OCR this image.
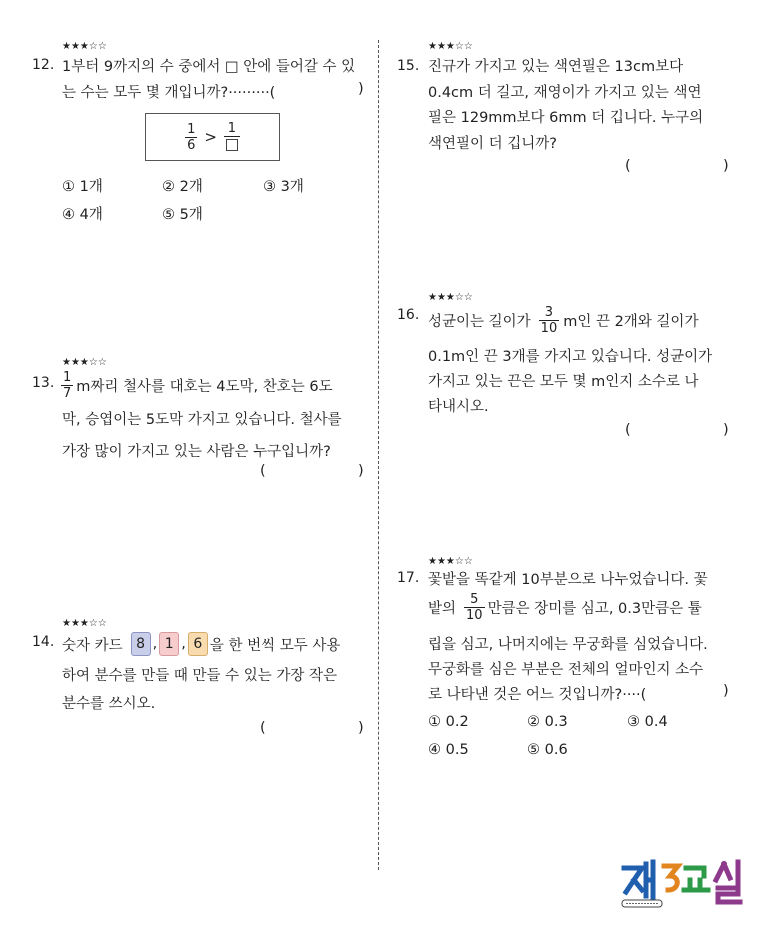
★★★☆☆
12. 1부터 9까지의 수 중에서 □ 안에 들어갈 수 있
는 수는 모두 몇 개입니까?·········(	)
$\frac{1}{6} > 1$
① 1개	② 2개	③ 3개
④ 4개	⑤ 5개
★★★☆☆
13. $\frac{1}{7}$ m짜리 철사를 대호는 4도막, 찬호는 6도
막, 승엽이는 5도막 가지고 있습니다. 철사를
가장 많이 가지고 있는 사람은 누구입니까?
(	)
★★★☆☆
14. 숫자 카드 8 , 1 , 6 을 한 번씩 모두 사용
하여 분수를 만들 때 만들 수 있는 가장 작은
분수를 쓰시오.
(	)
★★★☆☆
15. 진규가 가지고 있는 색연필은 13cm보다
0.4cm 더 길고, 재영이가 가지고 있는 색연
필은 129mm보다 6mm 더 깁니다. 누구의
색연필이 더 깁니까?
(	)
★★★☆☆
16. 성균이는 길이가 $\frac{3}{10}$ m인 끈 2개와 길이가
0.1m인 끈 3개를 가지고 있습니다. 성균이가
가지고 있는 끈은 모두 몇 m인지 소수로 나
타내시오.
(	)
★★★☆☆
17. 꽃밭을 똑같게 10부분으로 나누었습니다. 꽃
밭의 $\frac{5}{10}$ 만큼은 장미를 심고, 0.3만큼은 튤
립을 심고, 나머지에는 무궁화를 심었습니다.
무궁화를 심은 부분은 전체의 얼마인지 소수
로 나타낸 것은 어느 것입니까?····(	)
① 0.2	② 0.3	③ 0.4
④ 0.5	⑤ 0.6
